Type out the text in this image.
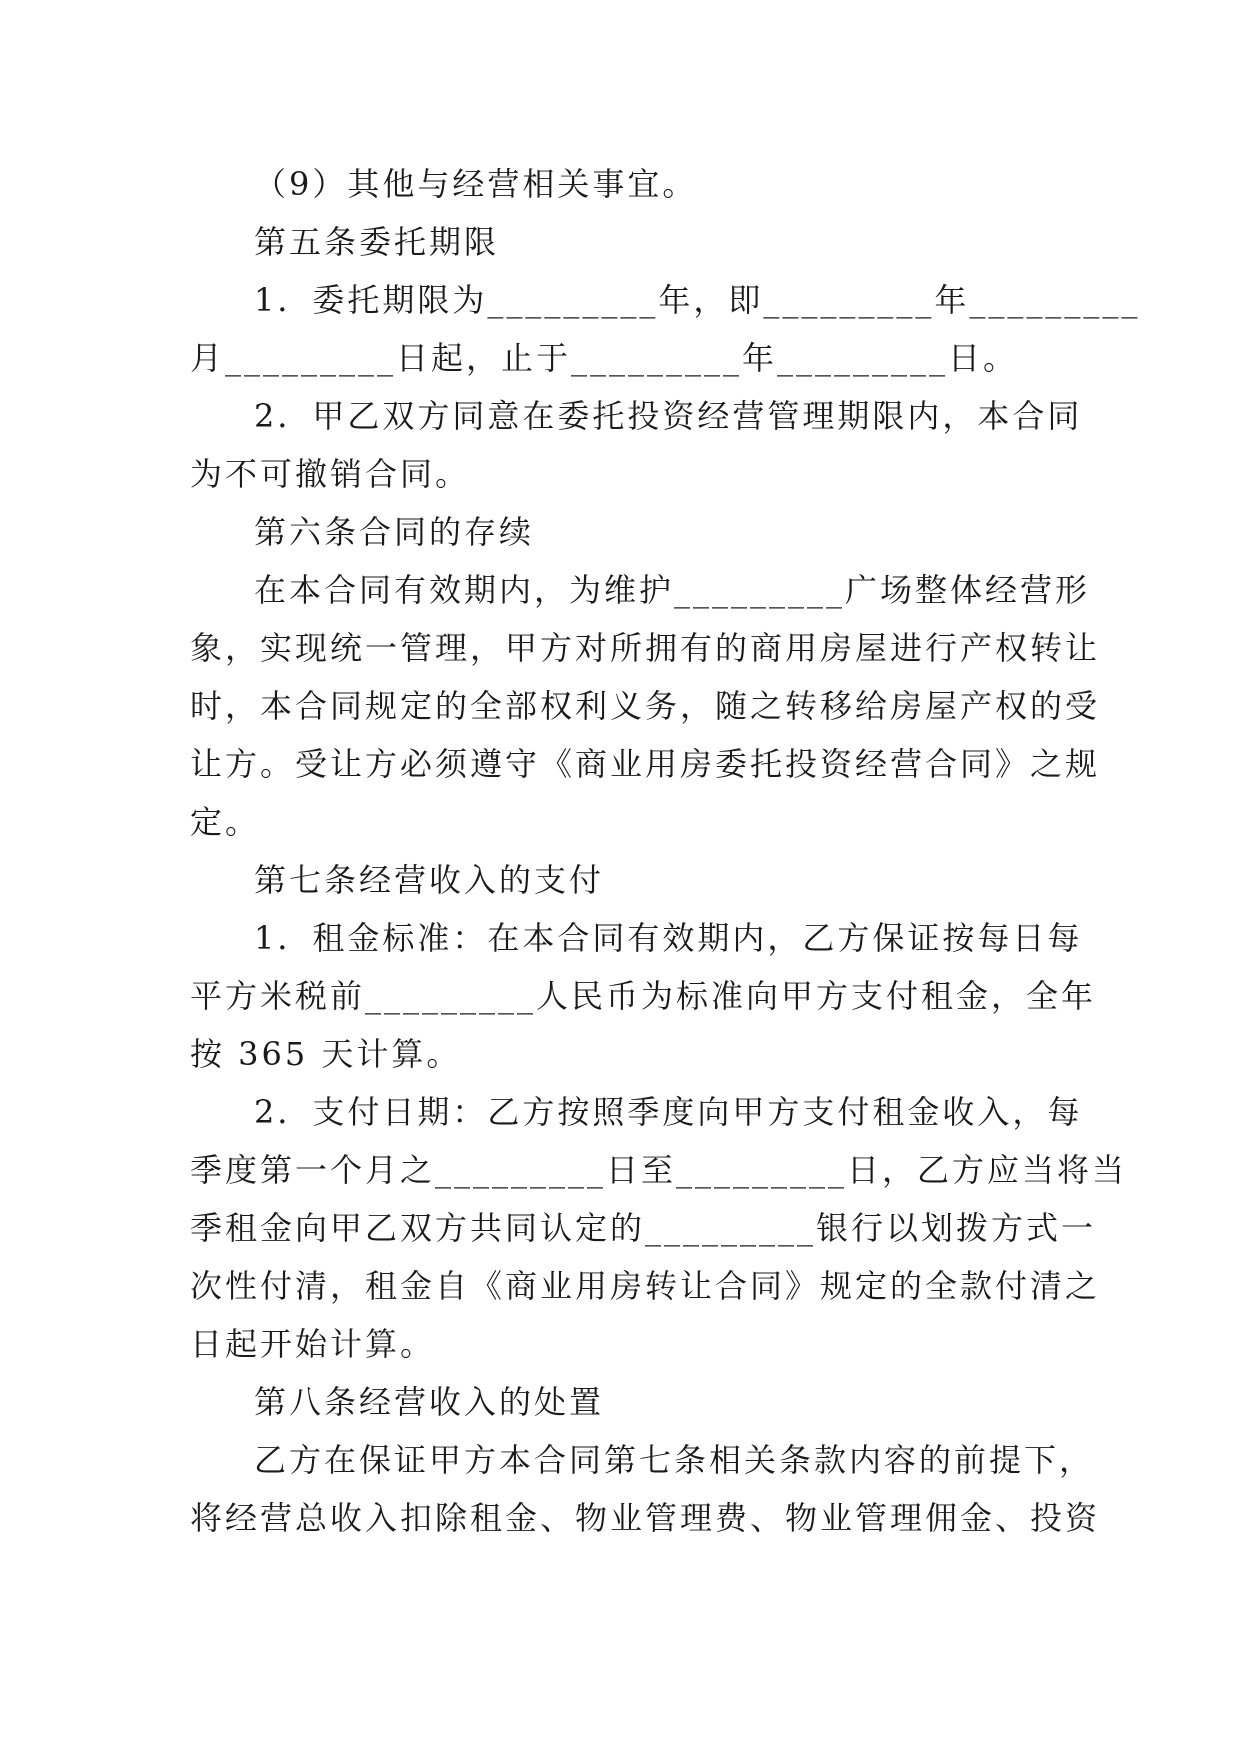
（9）其他与经营相关事宜。
第五条委托期限
1．委托期限为_________年，即_________年_________
月_________日起，止于_________年_________日。
2．甲乙双方同意在委托投资经营管理期限内，本合同
为不可撤销合同。
第六条合同的存续
在本合同有效期内，为维护_________广场整体经营形
象，实现统一管理，甲方对所拥有的商用房屋进行产权转让
时，本合同规定的全部权利义务，随之转移给房屋产权的受
让方。受让方必须遵守《商业用房委托投资经营合同》之规
定。
第七条经营收入的支付
1．租金标准：在本合同有效期内，乙方保证按每日每
平方米税前_________人民币为标准向甲方支付租金，全年
按 365 天计算。
2．支付日期：乙方按照季度向甲方支付租金收入，每
季度第一个月之_________日至_________日，乙方应当将当
季租金向甲乙双方共同认定的_________银行以划拨方式一
次性付清，租金自《商业用房转让合同》规定的全款付清之
日起开始计算。
第八条经营收入的处置
乙方在保证甲方本合同第七条相关条款内容的前提下，
将经营总收入扣除租金、物业管理费、物业管理佣金、投资
